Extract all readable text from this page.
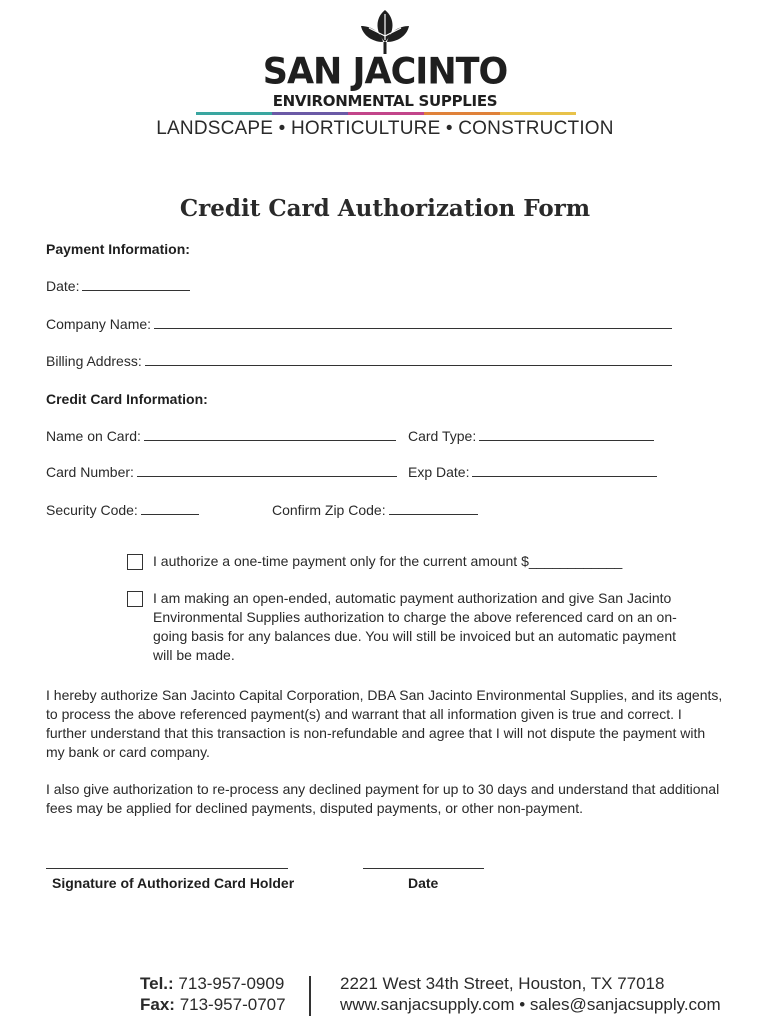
SAN JACINTO
ENVIRONMENTAL SUPPLIES
LANDSCAPE • HORTICULTURE • CONSTRUCTION
Credit Card Authorization Form
Payment Information:
Date:
Company Name:
Billing Address:
Credit Card Information:
Name on Card:	Card Type:
Card Number:	Exp Date:
Security Code:	Confirm Zip Code:
I authorize a one-time payment only for the current amount $____________
I am making an open-ended, automatic payment authorization and give San Jacinto Environmental Supplies authorization to charge the above referenced card on an on-going basis for any balances due. You will still be invoiced but an automatic payment will be made.
I hereby authorize San Jacinto Capital Corporation, DBA San Jacinto Environmental Supplies, and its agents, to process the above referenced payment(s) and warrant that all information given is true and correct. I further understand that this transaction is non-refundable and agree that I will not dispute the payment with my bank or card company.
I also give authorization to re-process any declined payment for up to 30 days and understand that additional fees may be applied for declined payments, disputed payments, or other non-payment.
Signature of Authorized Card Holder	Date
Tel.: 713-957-0909
Fax: 713-957-0707
2221 West 34th Street, Houston, TX 77018
www.sanjacsupply.com • sales@sanjacsupply.com
